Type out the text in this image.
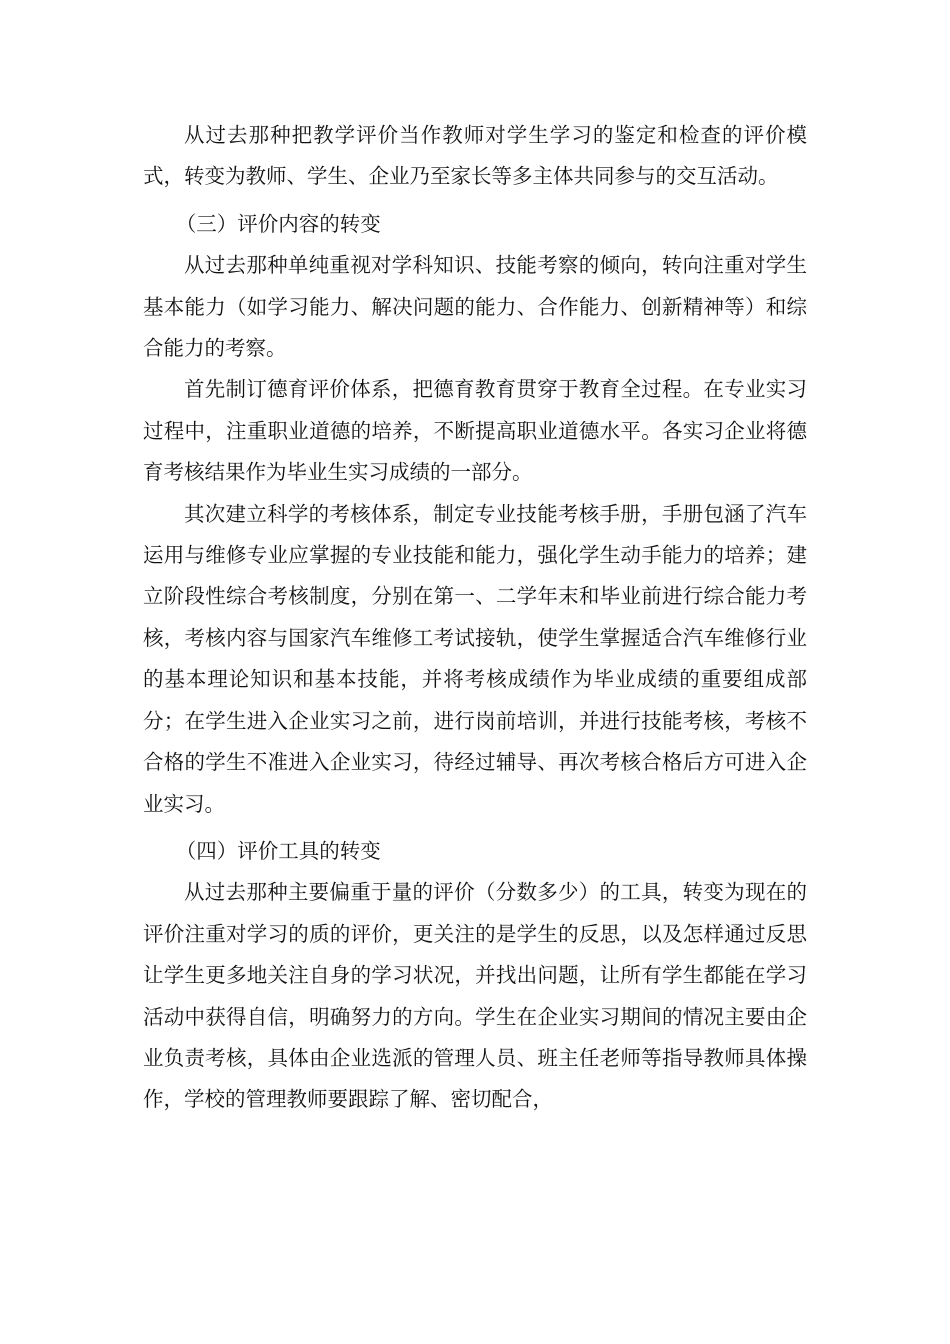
从过去那种把教学评价当作教师对学生学习的鉴定和检查的评价模式，转变为教师、学生、企业乃至家长等多主体共同参与的交互活动。

（三）评价内容的转变

从过去那种单纯重视对学科知识、技能考察的倾向，转向注重对学生基本能力（如学习能力、解决问题的能力、合作能力、创新精神等）和综合能力的考察。

首先制订德育评价体系，把德育教育贯穿于教育全过程。在专业实习过程中，注重职业道德的培养，不断提高职业道德水平。各实习企业将德育考核结果作为毕业生实习成绩的一部分。

其次建立科学的考核体系，制定专业技能考核手册，手册包涵了汽车运用与维修专业应掌握的专业技能和能力，强化学生动手能力的培养；建立阶段性综合考核制度，分别在第一、二学年末和毕业前进行综合能力考核，考核内容与国家汽车维修工考试接轨，使学生掌握适合汽车维修行业的基本理论知识和基本技能，并将考核成绩作为毕业成绩的重要组成部分；在学生进入企业实习之前，进行岗前培训，并进行技能考核，考核不合格的学生不准进入企业实习，待经过辅导、再次考核合格后方可进入企业实习。

（四）评价工具的转变

从过去那种主要偏重于量的评价（分数多少）的工具，转变为现在的评价注重对学习的质的评价，更关注的是学生的反思，以及怎样通过反思让学生更多地关注自身的学习状况，并找出问题，让所有学生都能在学习活动中获得自信，明确努力的方向。学生在企业实习期间的情况主要由企业负责考核，具体由企业选派的管理人员、班主任老师等指导教师具体操作，学校的管理教师要跟踪了解、密切配合，
